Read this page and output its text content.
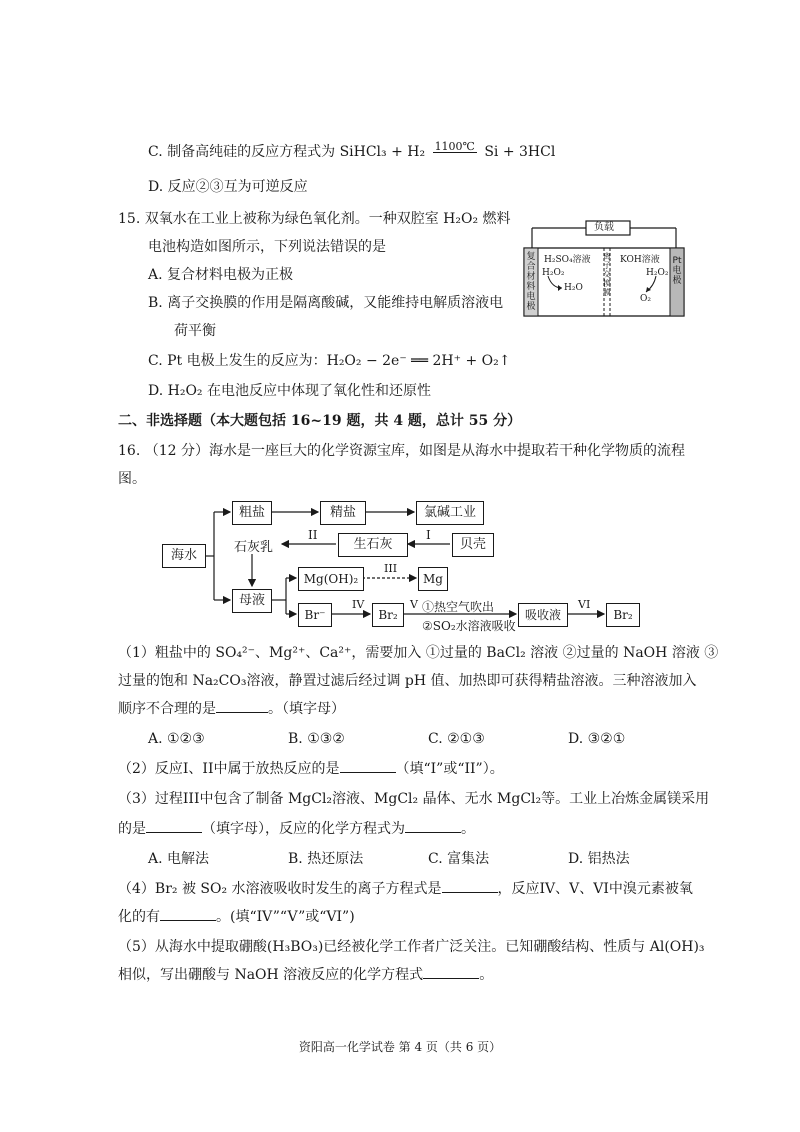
C. 制备高纯硅的反应方程式为 SiHCl₃ + H₂ 1100℃ Si + 3HCl
D. 反应②③互为可逆反应
15. 双氧水在工业上被称为绿色氧化剂。一种双腔室 H₂O₂ 燃料
电池构造如图所示，下列说法错误的是
A. 复合材料电极为正极
B. 离子交换膜的作用是隔离酸碱，又能维持电解质溶液电
荷平衡
C. Pt 电极上发生的反应为：H₂O₂ − 2e⁻ ══ 2H⁺ + O₂↑
D. H₂O₂ 在电池反应中体现了氧化性和还原性
负载
复合材料电极
H₂SO₄溶液
H₂O₂
H₂O
离子交换膜
KOH溶液
H₂O₂
O₂
Pt电极
二、非选择题（本大题包括 16~19 题，共 4 题，总计 55 分）
16. （12 分）海水是一座巨大的化学资源宝库，如图是从海水中提取若干种化学物质的流程
图。
海水
粗盐	精盐	氯碱工业
石灰乳
II
生石灰
I
贝壳
母液
Mg(OH)₂
III
Mg
Br⁻
IV
Br₂
V ①热空气吹出
②SO₂水溶液吸收
吸收液
VI
Br₂
（1）粗盐中的 SO₄²⁻、Mg²⁺、Ca²⁺，需要加入 ①过量的 BaCl₂ 溶液 ②过量的 NaOH 溶液 ③
过量的饱和 Na₂CO₃溶液，静置过滤后经过调 pH 值、加热即可获得精盐溶液。三种溶液加入
顺序不合理的是	。（填字母）
A. ①②③	B. ①③②	C. ②①③	D. ③②①
（2）反应I、II中属于放热反应的是	（填“I”或“II”）。
（3）过程III中包含了制备 MgCl₂溶液、MgCl₂ 晶体、无水 MgCl₂等。工业上冶炼金属镁采用
的是	（填字母），反应的化学方程式为	。
A. 电解法	B. 热还原法	C. 富集法	D. 铝热法
（4）Br₂ 被 SO₂ 水溶液吸收时发生的离子方程式是	，反应IV、V、VI中溴元素被氧
化的有	。(填“IV”“V”或“VI”)
（5）从海水中提取硼酸(H₃BO₃)已经被化学工作者广泛关注。已知硼酸结构、性质与 Al(OH)₃
相似，写出硼酸与 NaOH 溶液反应的化学方程式	。
资阳高一化学试卷 第 4 页（共 6 页）
